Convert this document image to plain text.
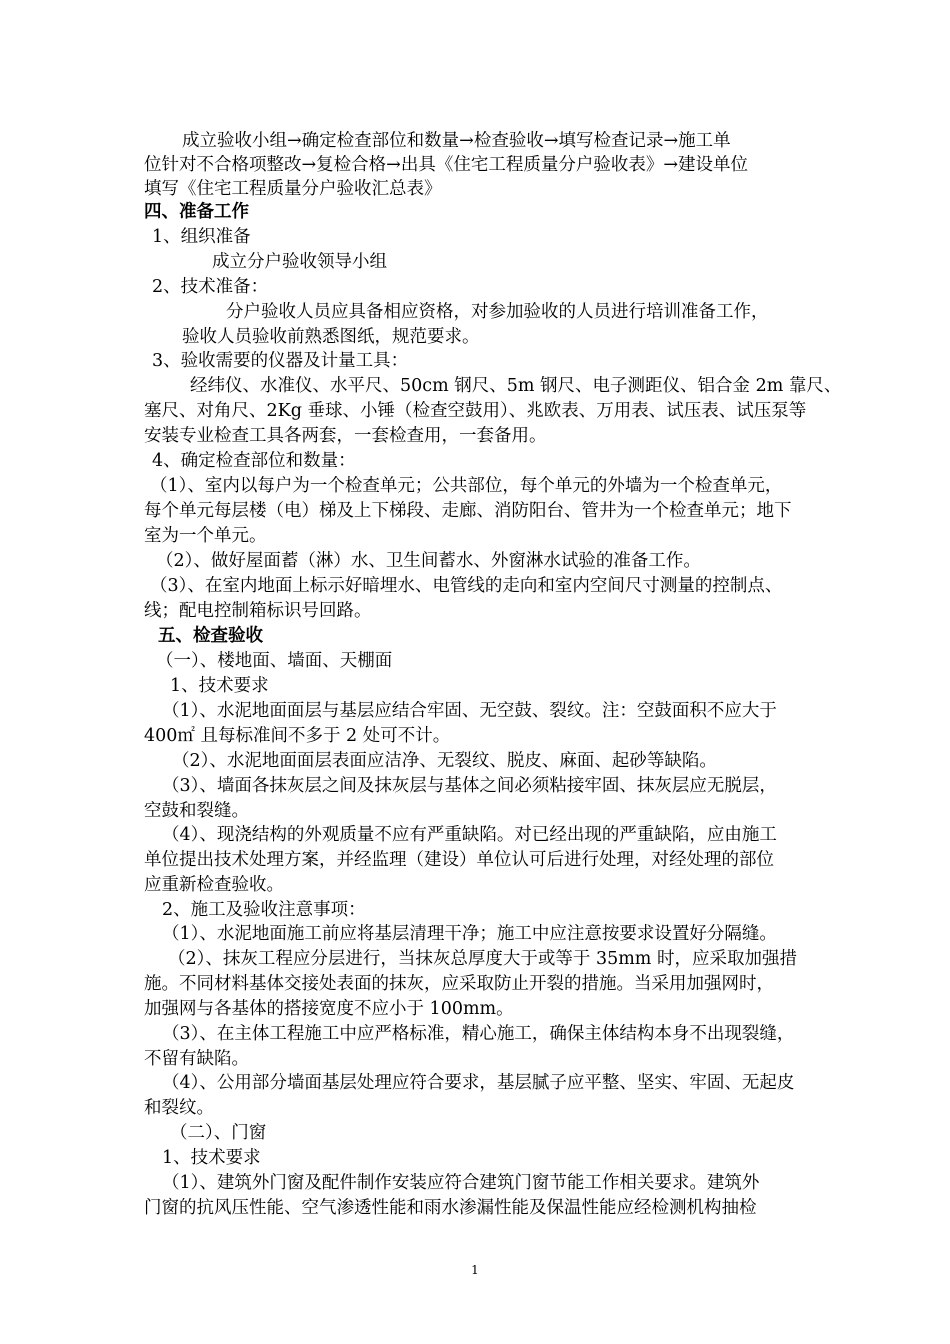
成立验收小组→确定检查部位和数量→检查验收→填写检查记录→施工单
位针对不合格项整改→复检合格→出具《住宅工程质量分户验收表》→建设单位
填写《住宅工程质量分户验收汇总表》
四、准备工作
1、组织准备
成立分户验收领导小组
2、技术准备：
分户验收人员应具备相应资格，对参加验收的人员进行培训准备工作，
验收人员验收前熟悉图纸，规范要求。
3、验收需要的仪器及计量工具：
经纬仪、水准仪、水平尺、50cm 钢尺、5m 钢尺、电子测距仪、铝合金 2m 靠尺、
塞尺、对角尺、2Kg 垂球、小锤（检查空鼓用）、兆欧表、万用表、试压表、试压泵等
安装专业检查工具各两套，一套检查用，一套备用。
4、确定检查部位和数量：
（1）、室内以每户为一个检查单元；公共部位，每个单元的外墙为一个检查单元，
每个单元每层楼（电）梯及上下梯段、走廊、消防阳台、管井为一个检查单元；地下
室为一个单元。
（2）、做好屋面蓄（淋）水、卫生间蓄水、外窗淋水试验的准备工作。
（3）、在室内地面上标示好暗埋水、电管线的走向和室内空间尺寸测量的控制点、
线；配电控制箱标识号回路。
五、检查验收
（一）、楼地面、墙面、天棚面
1、技术要求
（1）、水泥地面面层与基层应结合牢固、无空鼓、裂纹。注：空鼓面积不应大于
400㎡ 且每标准间不多于 2 处可不计。
（2）、水泥地面面层表面应洁净、无裂纹、脱皮、麻面、起砂等缺陷。
（3）、墙面各抹灰层之间及抹灰层与基体之间必须粘接牢固、抹灰层应无脱层，
空鼓和裂缝。
（4）、现浇结构的外观质量不应有严重缺陷。对已经出现的严重缺陷，应由施工
单位提出技术处理方案，并经监理（建设）单位认可后进行处理，对经处理的部位
应重新检查验收。
2、施工及验收注意事项：
（1）、水泥地面施工前应将基层清理干净；施工中应注意按要求设置好分隔缝。
（2）、抹灰工程应分层进行，当抹灰总厚度大于或等于 35mm 时，应采取加强措
施。不同材料基体交接处表面的抹灰，应采取防止开裂的措施。当采用加强网时，
加强网与各基体的搭接宽度不应小于 100mm。
（3）、在主体工程施工中应严格标准，精心施工，确保主体结构本身不出现裂缝，
不留有缺陷。
（4）、公用部分墙面基层处理应符合要求，基层腻子应平整、坚实、牢固、无起皮
和裂纹。
（二）、门窗
1、技术要求
（1）、建筑外门窗及配件制作安装应符合建筑门窗节能工作相关要求。建筑外
门窗的抗风压性能、空气渗透性能和雨水渗漏性能及保温性能应经检测机构抽检
1
